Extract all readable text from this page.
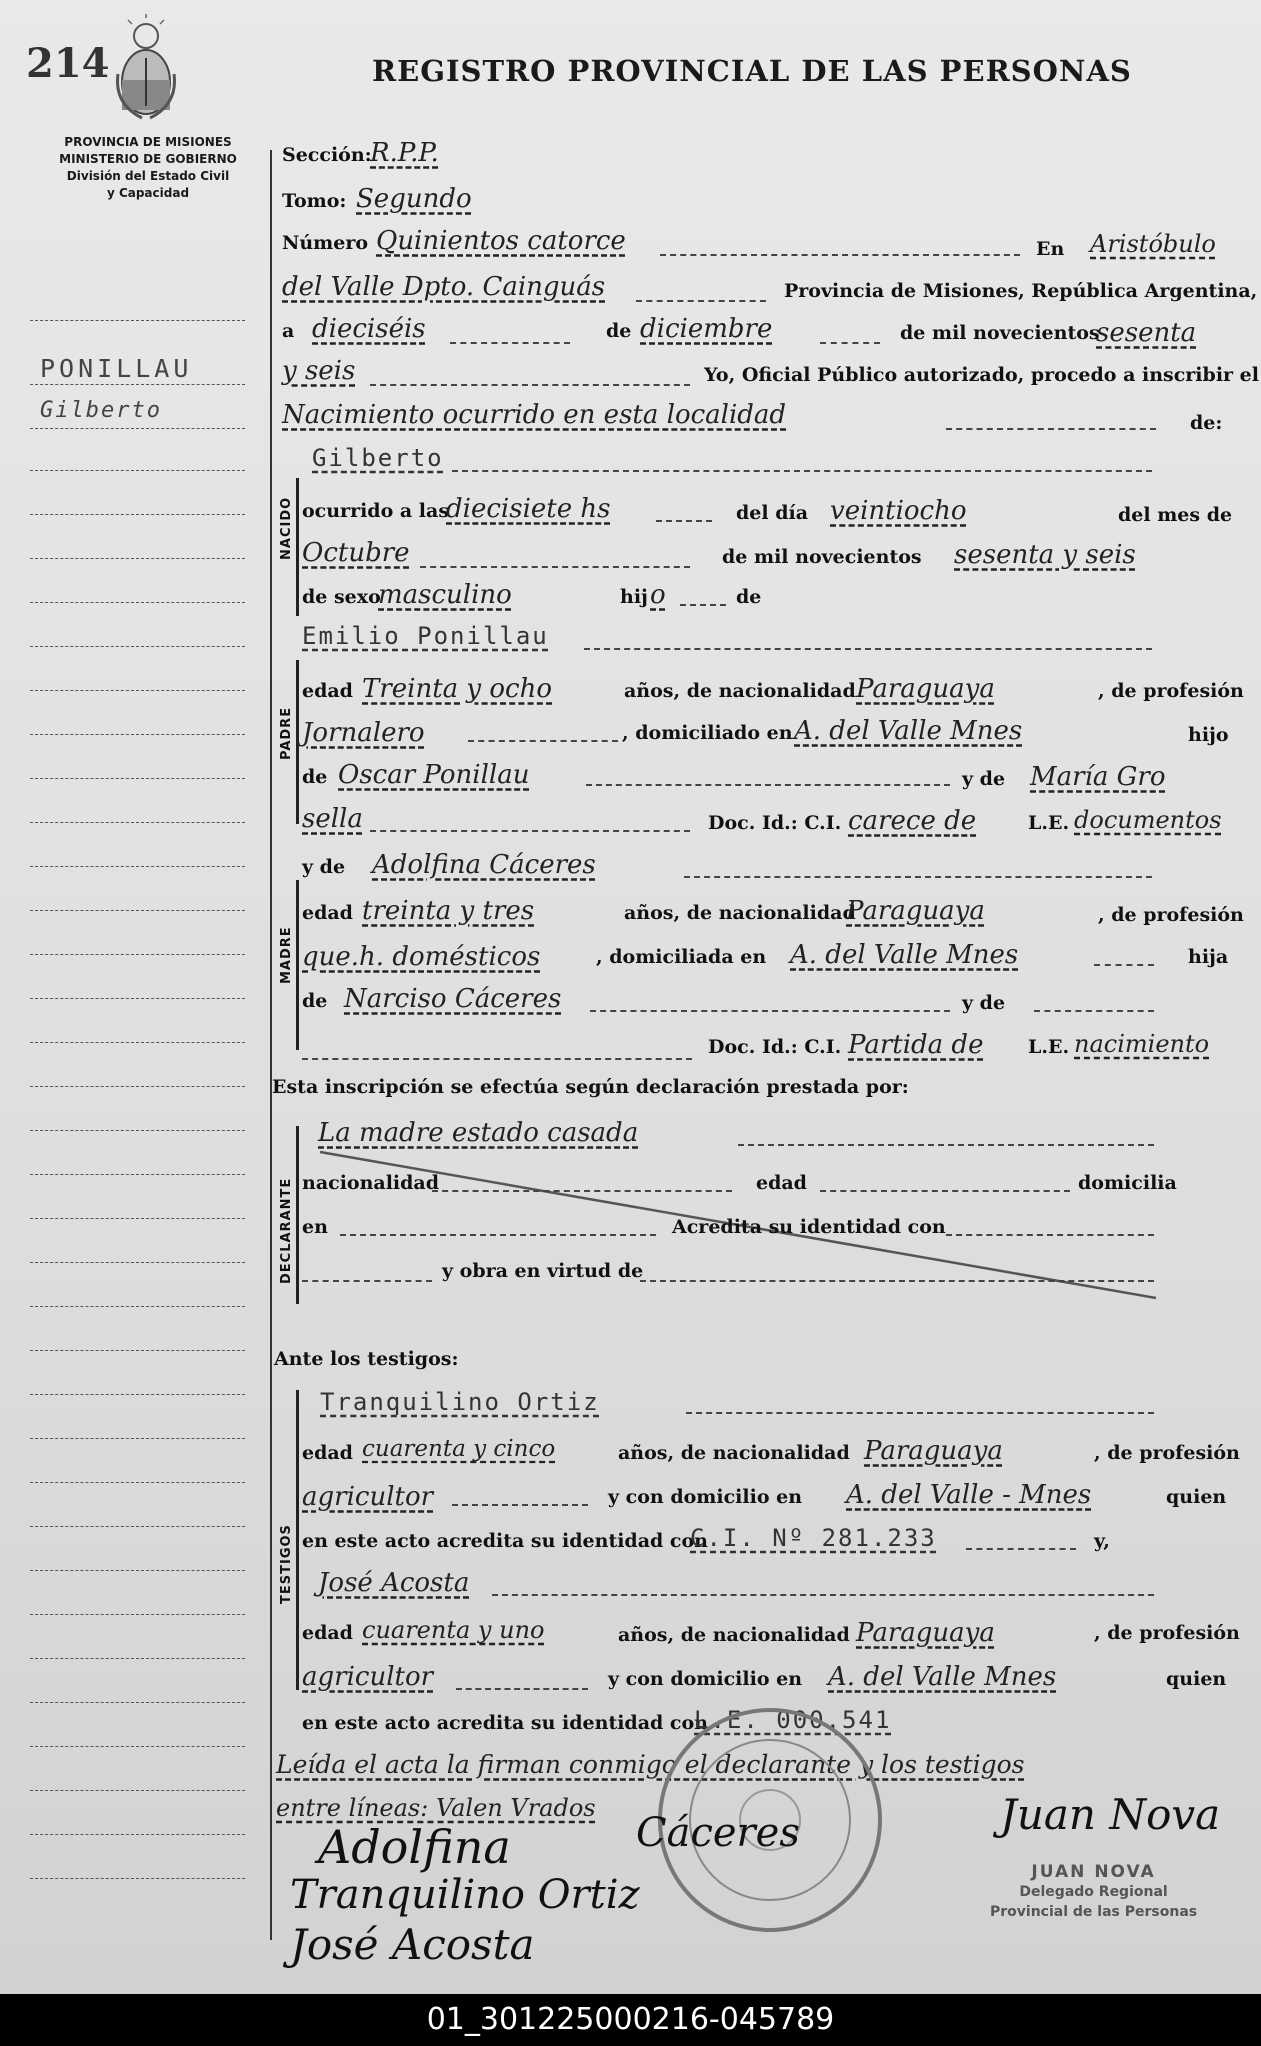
214	REGISTRO PROVINCIAL DE LAS PERSONAS
PROVINCIA DE MISIONES
MINISTERIO DE GOBIERNO
División del Estado Civil
y Capacidad
PONILLAU
Gilberto
Sección:
R.P.P.
Tomo: Segundo
Número Quinientos catorce	En Aristóbulo
del Valle Dpto. Cainguás	Provincia de Misiones, República Argentina,
a dieciséis	de diciembre	de mil novecientos
sesenta
y seis	Yo, Oficial Público autorizado, procedo a inscribir el
Nacimiento ocurrido en esta localidad	de:
NACIDO
Gilberto
ocurrido a las
diecisiete hs	del día veintiocho	del mes de
Octubre	de mil novecientos sesenta y seis
de sexo
masculino	hij o	de
PADRE
Emilio Ponillau
edad Treinta y ocho	años, de nacionalidad Paraguaya	, de profesión
Jornalero	, domiciliado en A. del Valle Mnes	hijo
de Oscar Ponillau	y de María Gro
sella	Doc. Id.: C.I. carece de	L.E. documentos
MADRE
y de Adolfina Cáceres
edad treinta y tres	años, de nacionalidad
Paraguaya	, de profesión
que.h. domésticos	, domiciliada en A. del Valle Mnes	hija
de Narciso Cáceres	y de
Doc. Id.: C.I. Partida de L.E. nacimiento
Esta inscripción se efectúa según declaración prestada por:
DECLARANTE
La madre estado casada
nacionalidad	edad	domicilia
en	Acredita su identidad con
y obra en virtud de
Ante los testigos:
TESTIGOS
Tranquilino Ortiz
edad cuarenta y cinco	años, de nacionalidad Paraguaya	, de profesión
agricultor	y con domicilio en A. del Valle - Mnes	quien
en este acto acredita su identidad con
C.I. Nº 281.233	y,
José Acosta
edad cuarenta y uno	años, de nacionalidad Paraguaya	, de profesión
agricultor	y con domicilio en A. del Valle Mnes	quien
en este acto acredita su identidad con
L.E. 000.541
Leída el acta la firman conmigo el declarante y los testigos
entre líneas: Valen Vrados
Adolfina	Cáceres
Tranquilino Ortiz
José Acosta
Juan Nova
JUAN NOVA
Delegado Regional
Provincial de las Personas
01_301225000216-045789
